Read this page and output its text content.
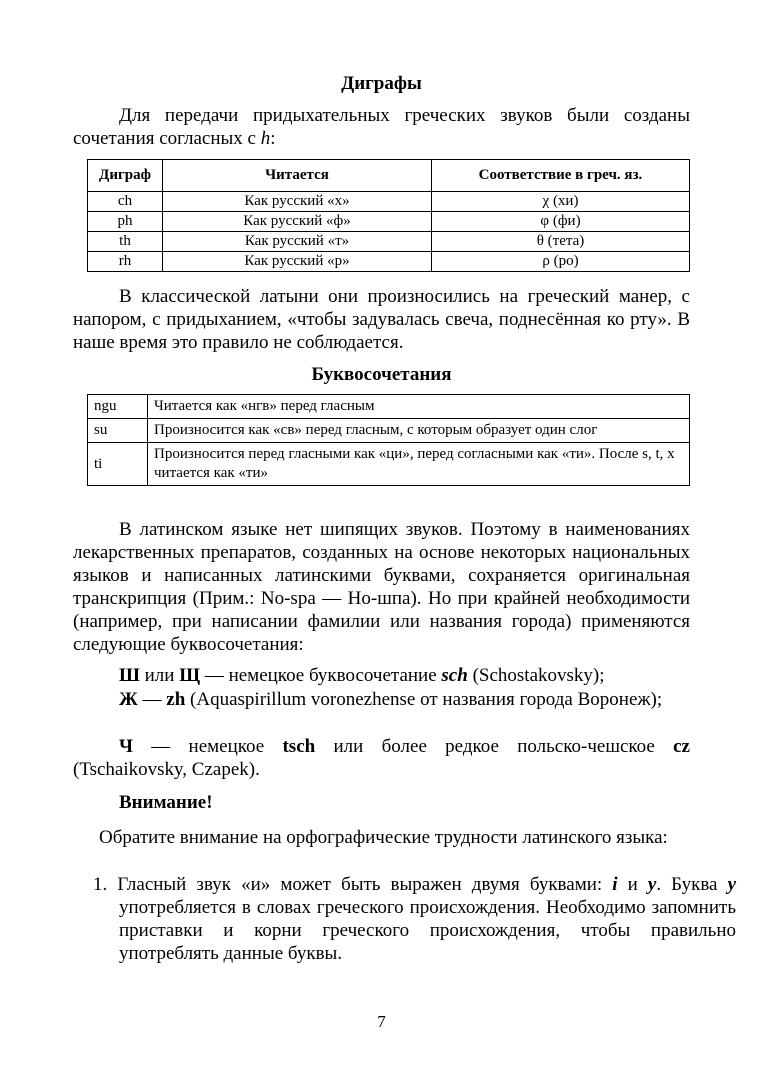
Диграфы

Для передачи придыхательных греческих звуков были созданы сочетания согласных с h:

Диграф	Читается	Соответствие в греч. яз.
ch	Как русский «х»	χ (хи)
ph	Как русский «ф»	φ (фи)
th	Как русский «т»	θ (тета)
rh	Как русский «р»	ρ (ро)

В классической латыни они произносились на греческий манер, с напором, с придыханием, «чтобы задувалась свеча, поднесённая ко рту». В наше время это правило не соблюдается.

Буквосочетания
ngu	Читается как «нгв» перед гласным
su	Произносится как «св» перед гласным, с которым образует один слог
ti	Произносится перед гласными как «ци», перед согласными как «ти». После s, t, x читается как «ти»

В латинском языке нет шипящих звуков. Поэтому в наименованиях лекарственных препаратов, созданных на основе некоторых национальных языков и написанных латинскими буквами, сохраняется оригинальная транскрипция (Прим.: No-spa — Но-шпа). Но при крайней необходимости (например, при написании фамилии или названия города) применяются следующие буквосочетания:

Ш или Щ — немецкое буквосочетание sch (Schostakovsky);

Ж — zh (Aquaspirillum voronezhense от названия города Воронеж);

Ч — немецкое tsch или более редкое польско-чешское cz (Tschaikovsky, Czapek).

Внимание!

Обратите внимание на орфографические трудности латинского языка:

1. Гласный звук «и» может быть выражен двумя буквами: i и y. Буква y употребляется в словах греческого происхождения. Необходимо запомнить приставки и корни греческого происхождения, чтобы правильно употреблять данные буквы.

7
